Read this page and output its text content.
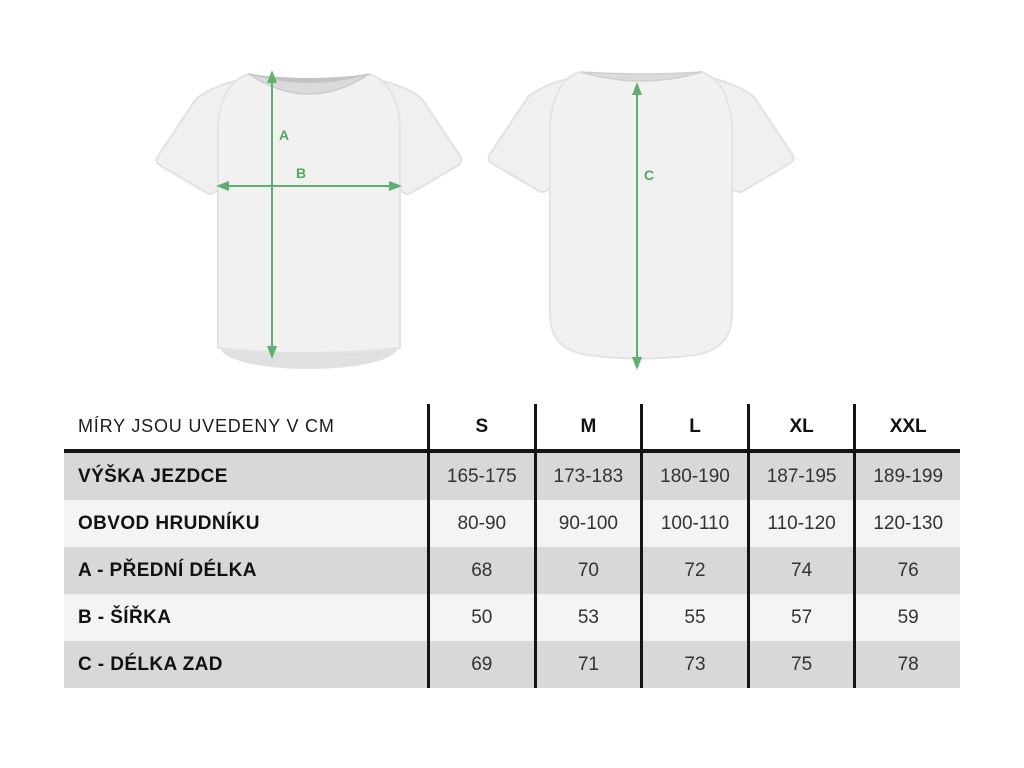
A
B	C
MÍRY JSOU UVEDENY V CM	S	M	L	XL	XXL
VÝŠKA JEZDCE	165-175	173-183	180-190	187-195	189-199
OBVOD HRUDNÍKU	80-90	90-100	100-110	110-120	120-130
A - PŘEDNÍ DÉLKA	68	70	72	74	76
B - ŠÍŘKA	50	53	55	57	59
C - DÉLKA ZAD	69	71	73	75	78
